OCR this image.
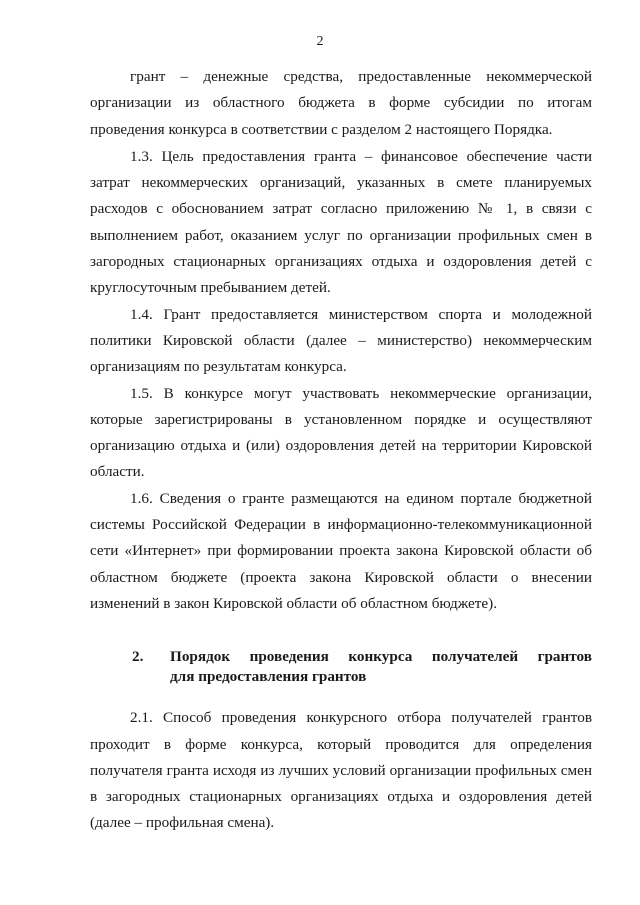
2

грант – денежные средства, предоставленные некоммерческой организации из областного бюджета в форме субсидии по итогам проведения конкурса в соответствии с разделом 2 настоящего Порядка.

1.3. Цель предоставления гранта – финансовое обеспечение части затрат некоммерческих организаций, указанных в смете планируемых расходов с обоснованием затрат согласно приложению № 1, в связи с выполнением работ, оказанием услуг по организации профильных смен в загородных стационарных организациях отдыха и оздоровления детей с круглосуточным пребыванием детей.

1.4. Грант предоставляется министерством спорта и молодежной политики Кировской области (далее – министерство) некоммерческим организациям по результатам конкурса.

1.5. В конкурсе могут участвовать некоммерческие организации, которые зарегистрированы в установленном порядке и осуществляют организацию отдыха и (или) оздоровления детей на территории Кировской области.

1.6. Сведения о гранте размещаются на едином портале бюджетной системы Российской Федерации в информационно-телекоммуникационной сети «Интернет» при формировании проекта закона Кировской области об областном бюджете (проекта закона Кировской области о внесении изменений в закон Кировской области об областном бюджете).

2.	Порядок проведения конкурса получателей грантов
для предоставления грантов

2.1. Способ проведения конкурсного отбора получателей грантов проходит в форме конкурса, который проводится для определения получателя гранта исходя из лучших условий организации профильных смен в загородных стационарных организациях отдыха и оздоровления детей (далее – профильная смена).
